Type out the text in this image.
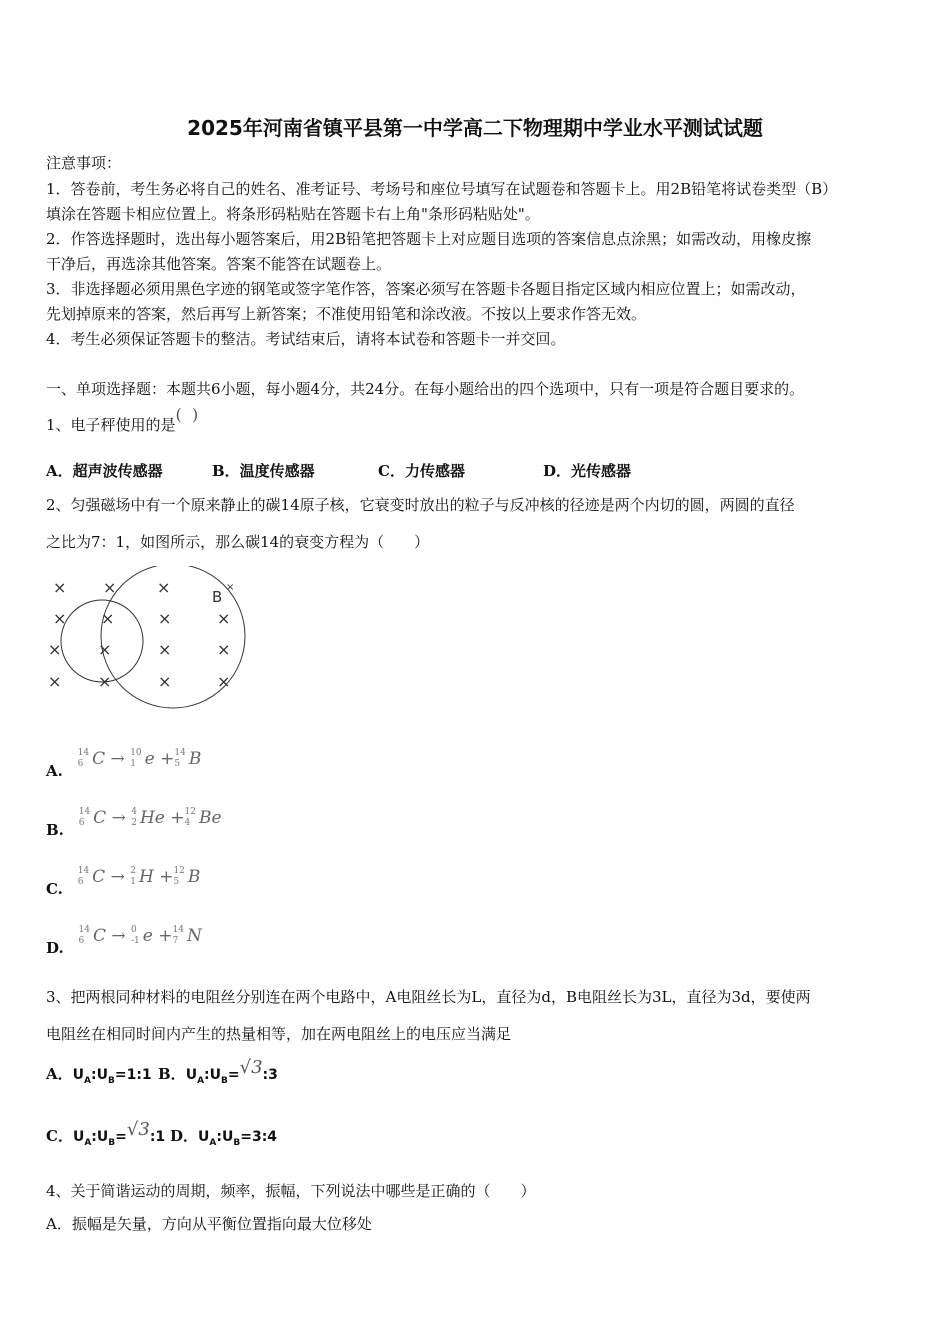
2025年河南省镇平县第一中学高二下物理期中学业水平测试试题
注意事项：
1．答卷前，考生务必将自己的姓名、准考证号、考场号和座位号填写在试题卷和答题卡上。用2B铅笔将试卷类型（B）
填涂在答题卡相应位置上。将条形码粘贴在答题卡右上角"条形码粘贴处"。
2．作答选择题时，选出每小题答案后，用2B铅笔把答题卡上对应题目选项的答案信息点涂黑；如需改动，用橡皮擦
干净后，再选涂其他答案。答案不能答在试题卷上。
3．非选择题必须用黑色字迹的钢笔或签字笔作答，答案必须写在答题卡各题目指定区域内相应位置上；如需改动，
先划掉原来的答案，然后再写上新答案；不准使用铅笔和涂改液。不按以上要求作答无效。
4．考生必须保证答题卡的整洁。考试结束后，请将本试卷和答题卡一并交回。
一、单项选择题：本题共6小题，每小题4分，共24分。在每小题给出的四个选项中，只有一项是符合题目要求的。
1、电子秤使用的是(  )
A．超声波传感器	B．温度传感器	C．力传感器	D．光传感器
2、匀强磁场中有一个原来静止的碳14原子核，它衰变时放出的粒子与反冲核的径迹是两个内切的圆，两圆的直径
之比为7：1，如图所示，那么碳14的衰变方程为（　　）
× ×	×
× ×	×	×
× ×	×	×
× ×	×	×
×
B
A.
14
6 C → 10
1 e + 14
5 B
B.
14
6 C → 4
2 He + 12
4 Be
C.
14
6 C → 2
1 H + 12
5 B
D.
14
6 C → 0
-1 e + 14
7 N
3、把两根同种材料的电阻丝分别连在两个电路中，A电阻丝长为L，直径为d，B电阻丝长为3L，直径为3d，要使两
电阻丝在相同时间内产生的热量相等，加在两电阻丝上的电压应当满足
A．$U_A:U_B=1:1$ B．$U_A:U_B=√3:3$
C．$U_A:U_B=√3:1$ D．$U_A:U_B=3:4$
4、关于简谐运动的周期，频率，振幅，下列说法中哪些是正确的（　　）
A．振幅是矢量，方向从平衡位置指向最大位移处
